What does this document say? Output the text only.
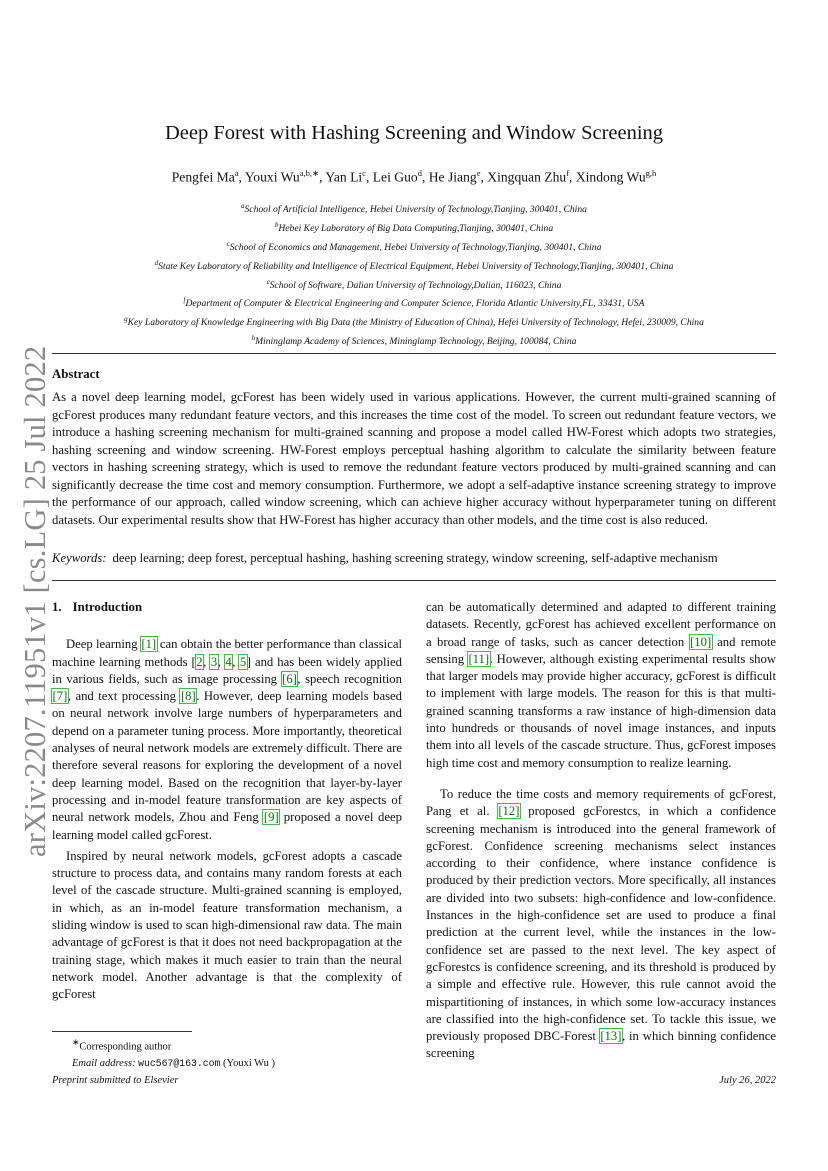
arXiv:2207.11951v1 [cs.LG] 25 Jul 2022
Deep Forest with Hashing Screening and Window Screening
Pengfei Ma$^a$, Youxi $Wu^{a,b,∗}$, Yan Li$^c$, Lei Guo$^d$, He Jiang$^e$, Xingquan Zhu$^f$, Xindong Wu$^{g,h}$
$^a$School of Artificial Intelligence, Hebei University of Technology,Tianjing, 300401, China
$^b$Hebei Key Laboratory of Big Data Computing,Tianjing, 300401, China
$^c$School of Economics and Management, Hebei University of Technology,Tianjing, 300401, China
$^d$State Key Laboratory of Reliability and Intelligence of Electrical Equipment, Hebei University of Technology,Tianjing, 300401, China
$^e$School of Software, Dalian University of Technology,Dalian, 116023, China
$^f$Department of Computer & Electrical Engineering and Computer Science, Florida Atlantic University,FL, 33431, USA
$^g$Key Laboratory of Knowledge Engineering with Big Data (the Ministry of Education of China), Hefei University of Technology, Hefei, 230009, China
$^h$Mininglamp Academy of Sciences, Mininglamp Technology, Beijing, 100084, China
Abstract
As a novel deep learning model, gcForest has been widely used in various applications. However, the current multi-grained scanning of gcForest produces many redundant feature vectors, and this increases the time cost of the model. To screen out redundant feature vectors, we introduce a hashing screening mechanism for multi-grained scanning and propose a model called HW-Forest which adopts two strategies, hashing screening and window screening. HW-Forest employs perceptual hashing algorithm to calculate the similarity between feature vectors in hashing screening strategy, which is used to remove the redundant feature vectors produced by multi-grained scanning and can significantly decrease the time cost and memory consumption. Furthermore, we adopt a self-adaptive instance screening strategy to improve the performance of our approach, called window screening, which can achieve higher accuracy without hyperparameter tuning on different datasets. Our experimental results show that HW-Forest has higher accuracy than other models, and the time cost is also reduced.
Keywords: deep learning; deep forest, perceptual hashing, hashing screening strategy, window screening, self-adaptive mechanism
1. Introduction

Deep learning [1] can obtain the better performance than classical machine learning methods [2, 3, 4, 5] and has been widely applied in various fields, such as image processing [6], speech recognition [7], and text processing [8]. However, deep learning models based on neural network involve large numbers of hyperparameters and depend on a parameter tuning process. More importantly, theoretical analyses of neural network models are extremely difficult. There are therefore several reasons for exploring the development of a novel deep learning model. Based on the recognition that layer-by-layer processing and in-model feature transformation are key aspects of neural network models, Zhou and Feng [9] proposed a novel deep learning model called gcForest.

Inspired by neural network models, gcForest adopts a cascade structure to process data, and contains many random forests at each level of the cascade structure. Multi-grained scanning is employed, in which, as an in-model feature transformation mechanism, a sliding window is used to scan high-dimensional raw data. The main advantage of gcForest is that it does not need backpropagation at the training stage, which makes it much easier to train than the neural network model. Another advantage is that the complexity of gcForest

can be automatically determined and adapted to different training datasets. Recently, gcForest has achieved excellent performance on a broad range of tasks, such as cancer detection [10] and remote sensing [11]. However, although existing experimental results show that larger models may provide higher accuracy, gcForest is difficult to implement with large models. The reason for this is that multi-grained scanning transforms a raw instance of high-dimension data into hundreds or thousands of novel image instances, and inputs them into all levels of the cascade structure. Thus, gcForest imposes high time cost and memory consumption to realize learning.

To reduce the time costs and memory requirements of gcForest, Pang et al. [12] proposed gcForestcs, in which a confidence screening mechanism is introduced into the general framework of gcForest. Confidence screening mechanisms select instances according to their confidence, where instance confidence is produced by their prediction vectors. More specifically, all instances are divided into two subsets: high-confidence and low-confidence. Instances in the high-confidence set are used to produce a final prediction at the current level, while the instances in the low-confidence set are passed to the next level. The key aspect of gcForestcs is confidence screening, and its threshold is produced by a simple and effective rule. However, this rule cannot avoid the mispartitioning of instances, in which some low-accuracy instances are classified into the high-confidence set. To tackle this issue, we previously proposed DBC-Forest [13], in which binning confidence screening

∗Corresponding author
Email address: wuc567@163.com (Youxi Wu )
Preprint submitted to Elsevier	July 26, 2022
